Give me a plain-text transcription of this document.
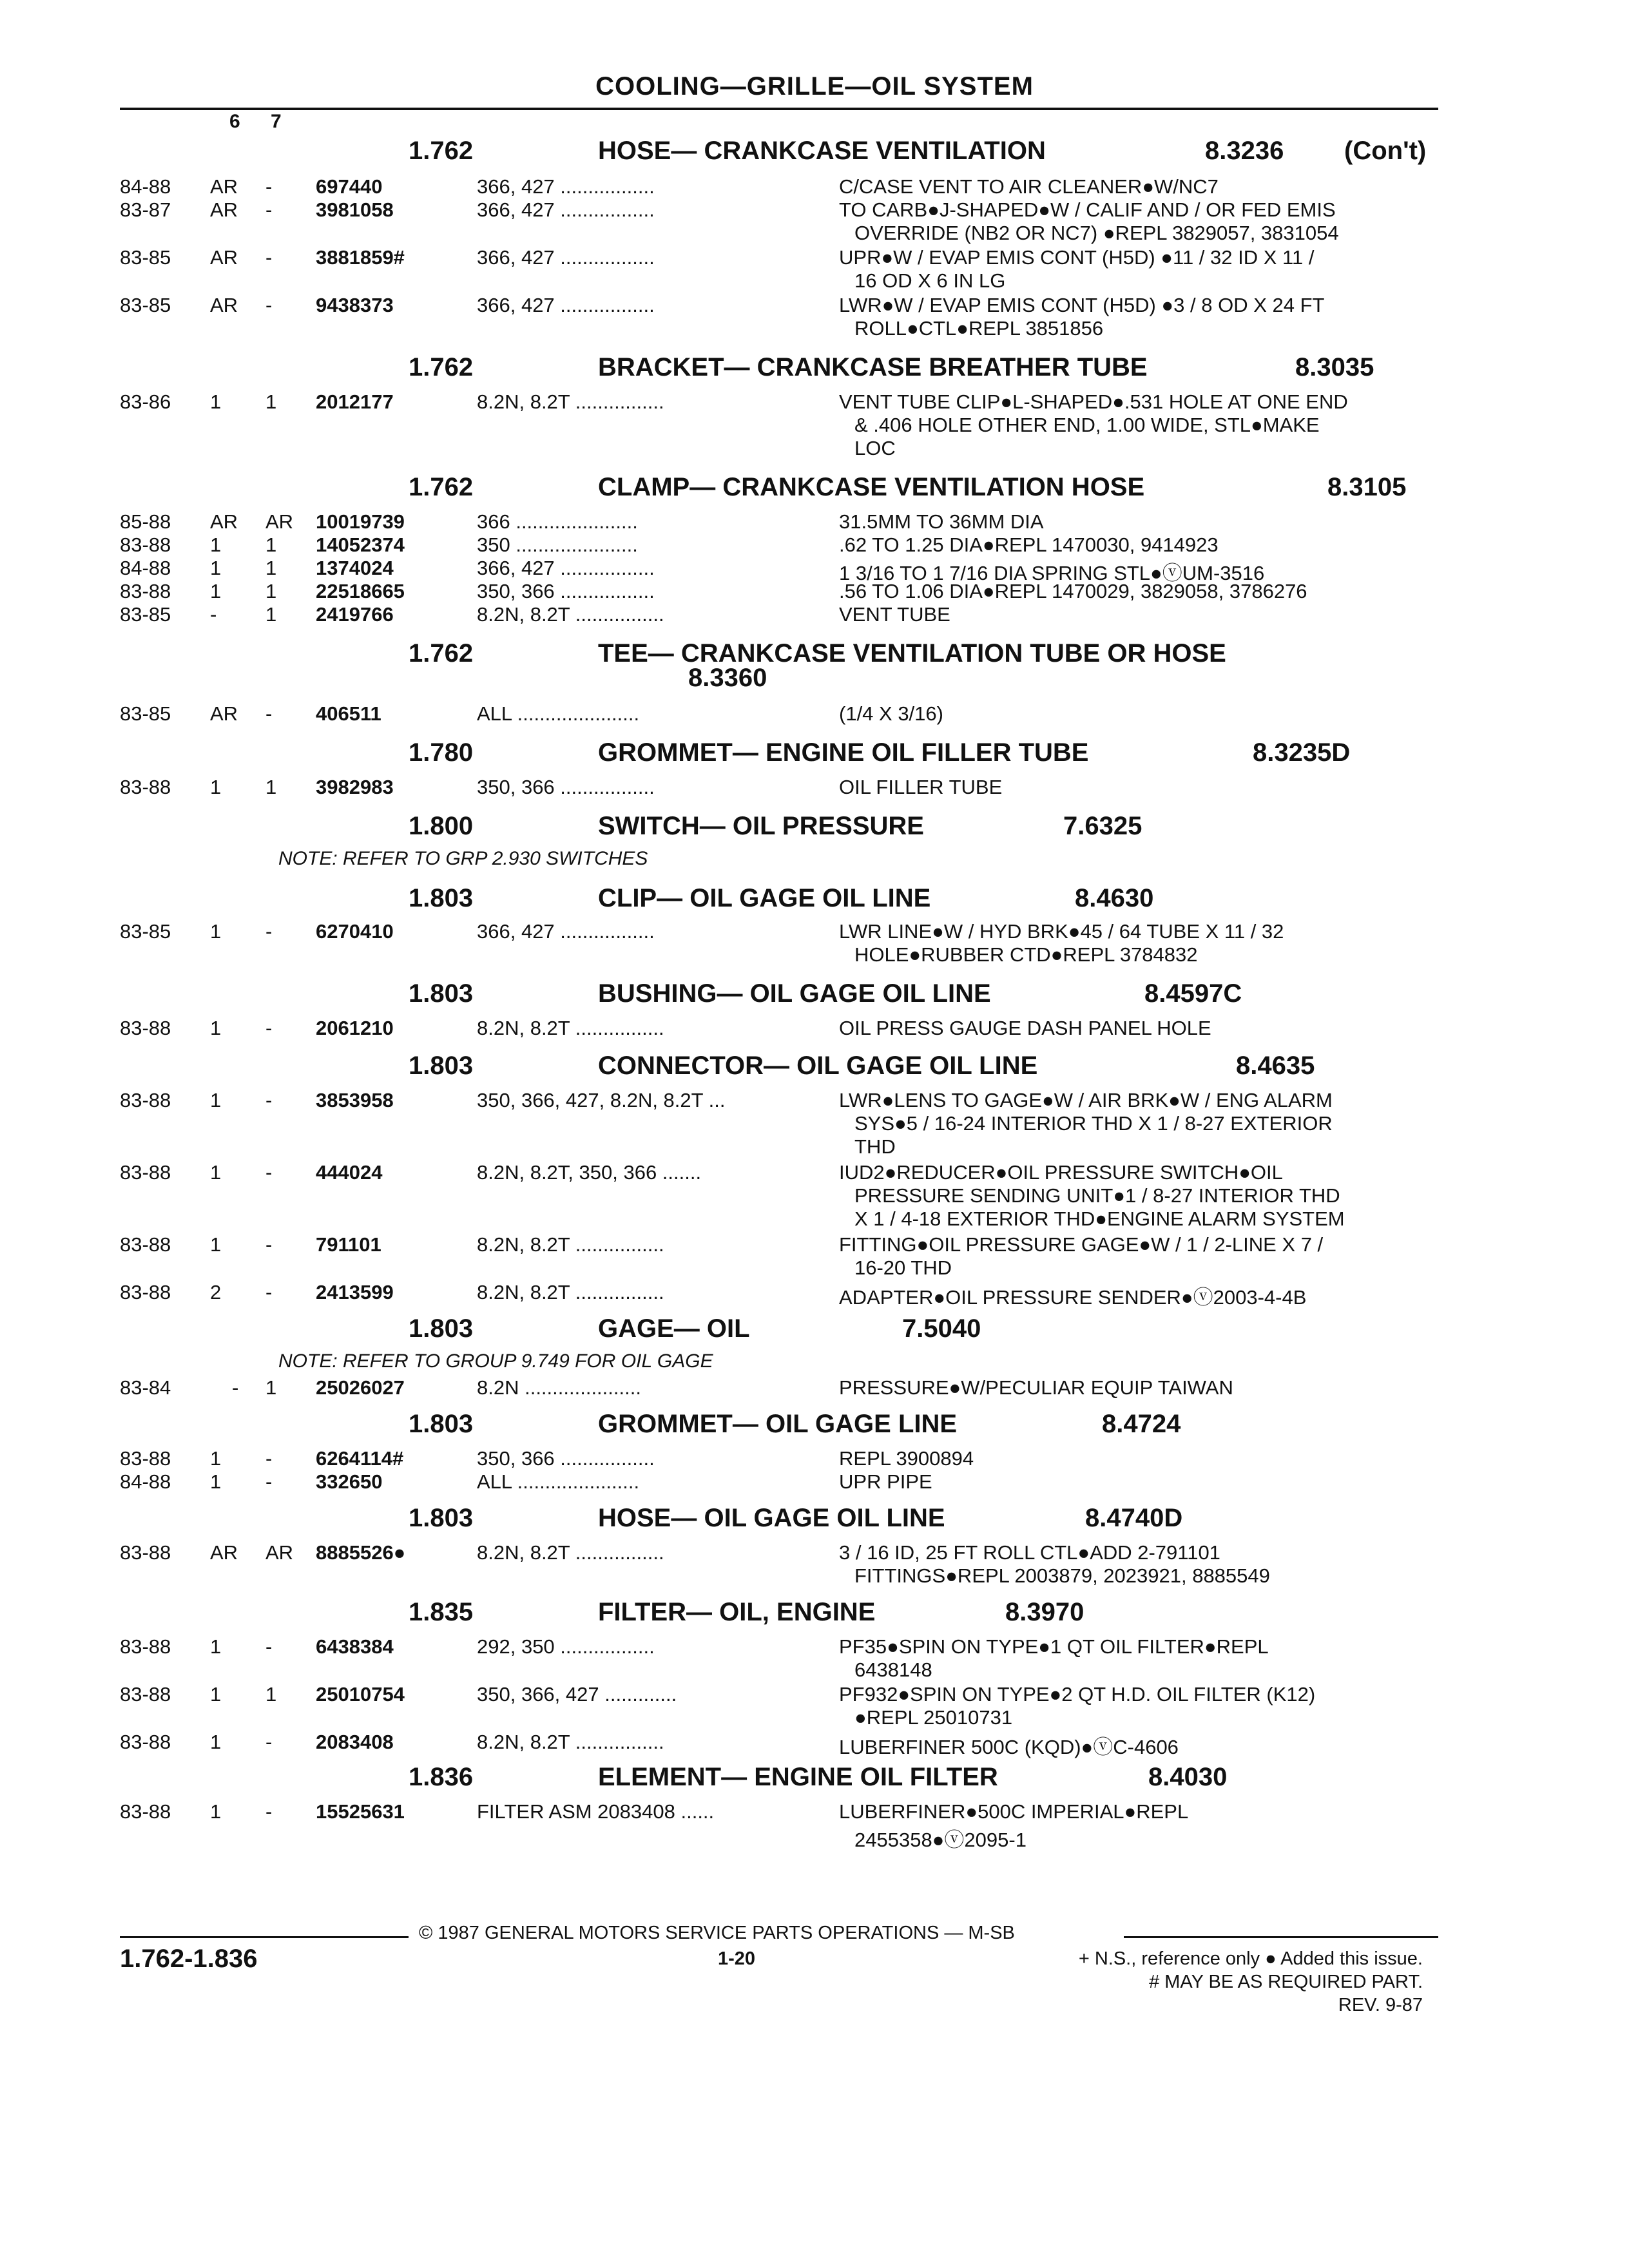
COOLING—GRILLE—OIL SYSTEM
6 7
1.762	HOSE— CRANKCASE VENTILATION	8.3236 (Con't)
84-88 AR - 697440	366, 427 .................	C/CASE VENT TO AIR CLEANER●W/NC7
83-87 AR - 3981058	366, 427 .................	TO CARB●J-SHAPED●W / CALIF AND / OR FED EMIS
OVERRIDE (NB2 OR NC7) ●REPL 3829057, 3831054
83-85 AR - 3881859#	366, 427 .................	UPR●W / EVAP EMIS CONT (H5D) ●11 / 32 ID X 11 /
16 OD X 6 IN LG
83-85 AR - 9438373	366, 427 .................	LWR●W / EVAP EMIS CONT (H5D) ●3 / 8 OD X 24 FT
ROLL●CTL●REPL 3851856
1.762	BRACKET— CRANKCASE BREATHER TUBE	8.3035
83-86 1 1 2012177	8.2N, 8.2T ................	VENT TUBE CLIP●L-SHAPED●.531 HOLE AT ONE END
& .406 HOLE OTHER END, 1.00 WIDE, STL●MAKE
LOC
1.762	CLAMP— CRANKCASE VENTILATION HOSE	8.3105
85-88 AR AR 10019739	366 ......................	31.5MM TO 36MM DIA
83-88 1 1 14052374	350 ......................	.62 TO 1.25 DIA●REPL 1470030, 9414923
84-88 1 1 1374024	366, 427 .................	1 3/16 TO 1 7/16 DIA SPRING STL●ⓥUM-3516
83-88 1 1 22518665	350, 366 .................	.56 TO 1.06 DIA●REPL 1470029, 3829058, 3786276
83-85 - 1 2419766	8.2N, 8.2T ................	VENT TUBE
1.762	TEE— CRANKCASE VENTILATION TUBE OR HOSE
8.3360
83-85 AR - 406511	ALL ......................	(1/4 X 3/16)
1.780	GROMMET— ENGINE OIL FILLER TUBE	8.3235D
83-88 1 1 3982983	350, 366 .................	OIL FILLER TUBE
1.800	SWITCH— OIL PRESSURE	7.6325
NOTE: REFER TO GRP 2.930 SWITCHES
1.803	CLIP— OIL GAGE OIL LINE	8.4630
83-85 1 - 6270410	366, 427 .................	LWR LINE●W / HYD BRK●45 / 64 TUBE X 11 / 32
HOLE●RUBBER CTD●REPL 3784832
1.803	BUSHING— OIL GAGE OIL LINE	8.4597C
83-88 1 - 2061210	8.2N, 8.2T ................	OIL PRESS GAUGE DASH PANEL HOLE
1.803	CONNECTOR— OIL GAGE OIL LINE	8.4635
83-88 1 - 3853958	350, 366, 427, 8.2N, 8.2T ...	LWR●LENS TO GAGE●W / AIR BRK●W / ENG ALARM
SYS●5 / 16-24 INTERIOR THD X 1 / 8-27 EXTERIOR
THD
83-88 1 - 444024	8.2N, 8.2T, 350, 366 .......	IUD2●REDUCER●OIL PRESSURE SWITCH●OIL
PRESSURE SENDING UNIT●1 / 8-27 INTERIOR THD
X 1 / 4-18 EXTERIOR THD●ENGINE ALARM SYSTEM
83-88 1 - 791101	8.2N, 8.2T ................	FITTING●OIL PRESSURE GAGE●W / 1 / 2-LINE X 7 /
16-20 THD
83-88 2 - 2413599	8.2N, 8.2T ................	ADAPTER●OIL PRESSURE SENDER●ⓥ2003-4-4B
1.803	GAGE— OIL	7.5040
NOTE: REFER TO GROUP 9.749 FOR OIL GAGE
83-84	- 1 25026027	8.2N .....................	PRESSURE●W/PECULIAR EQUIP TAIWAN
1.803	GROMMET— OIL GAGE LINE	8.4724
83-88 1 - 6264114#	350, 366 .................	REPL 3900894
84-88 1 - 332650	ALL ......................	UPR PIPE
1.803	HOSE— OIL GAGE OIL LINE	8.4740D
83-88 AR AR 8885526●	8.2N, 8.2T ................	3 / 16 ID, 25 FT ROLL CTL●ADD 2-791101
FITTINGS●REPL 2003879, 2023921, 8885549
1.835	FILTER— OIL, ENGINE	8.3970
83-88 1 - 6438384	292, 350 .................	PF35●SPIN ON TYPE●1 QT OIL FILTER●REPL
6438148
83-88 1 1 25010754	350, 366, 427 .............	PF932●SPIN ON TYPE●2 QT H.D. OIL FILTER (K12)
●REPL 25010731
83-88 1 - 2083408	8.2N, 8.2T ................	LUBERFINER 500C (KQD)●ⓥC-4606
1.836	ELEMENT— ENGINE OIL FILTER	8.4030
83-88 1 - 15525631	FILTER ASM 2083408 ......	LUBERFINER●500C IMPERIAL●REPL
2455358●ⓥ2095-1
© 1987 GENERAL MOTORS SERVICE PARTS OPERATIONS — M-SB
1.762-1.836	1-20	+ N.S., reference only ● Added this issue.
# MAY BE AS REQUIRED PART.
REV. 9-87
